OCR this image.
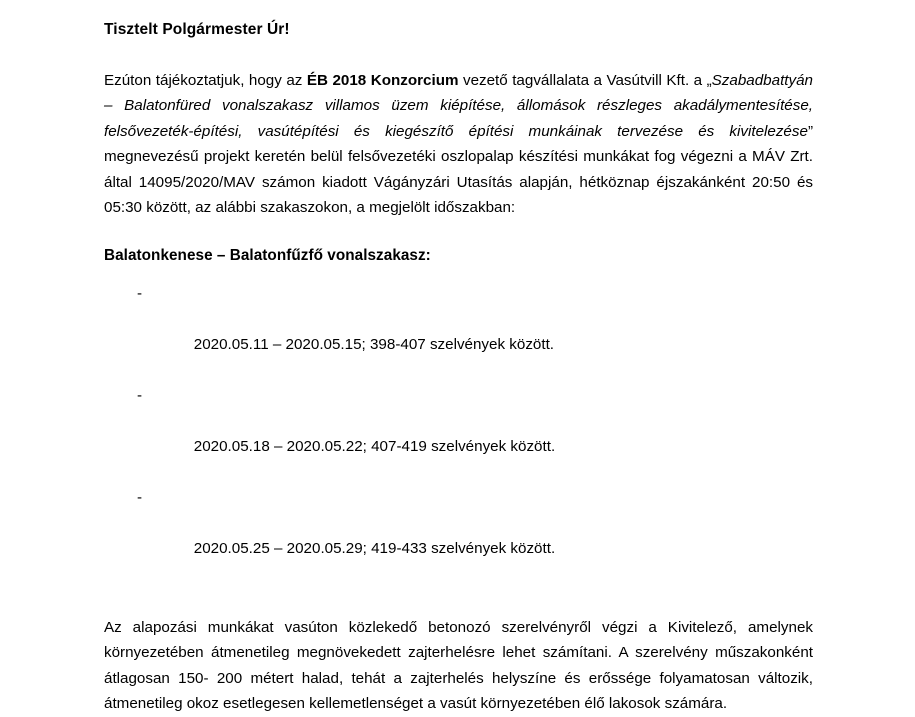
Tisztelt Polgármester Úr!

Ezúton tájékoztatjuk, hogy az ÉB 2018 Konzorcium vezető tagvállalata a Vasútvill Kft. a „Szabadbattyán – Balatonfüred vonalszakasz villamos üzem kiépítése, állomások részleges akadálymentesítése, felsővezeték-építési, vasútépítési és kiegészítő építési munkáinak tervezése és kivitelezése” megnevezésű projekt keretén belül felsővezetéki oszlopalap készítési munkákat fog végezni a MÁV Zrt. által 14095/2020/MAV számon kiadott Vágányzári Utasítás alapján, hétköznap éjszakánként 20:50 és 05:30 között, az alábbi szakaszokon, a megjelölt időszakban:

Balatonkenese – Balatonfűzfő vonalszakasz:

-

2020.05.11 – 2020.05.15; 398-407 szelvények között.

-

2020.05.18 – 2020.05.22; 407-419 szelvények között.

-

2020.05.25 – 2020.05.29; 419-433 szelvények között.

Az alapozási munkákat vasúton közlekedő betonozó szerelvényről végzi a Kivitelező, amelynek környezetében átmenetileg megnövekedett zajterhelésre lehet számítani. A szerelvény műszakonként átlagosan 150- 200 métert halad, tehát a zajterhelés helyszíne és erőssége folyamatosan változik, átmenetileg okoz esetlegesen kellemetlenséget a vasút környezetében élő lakosok számára.
